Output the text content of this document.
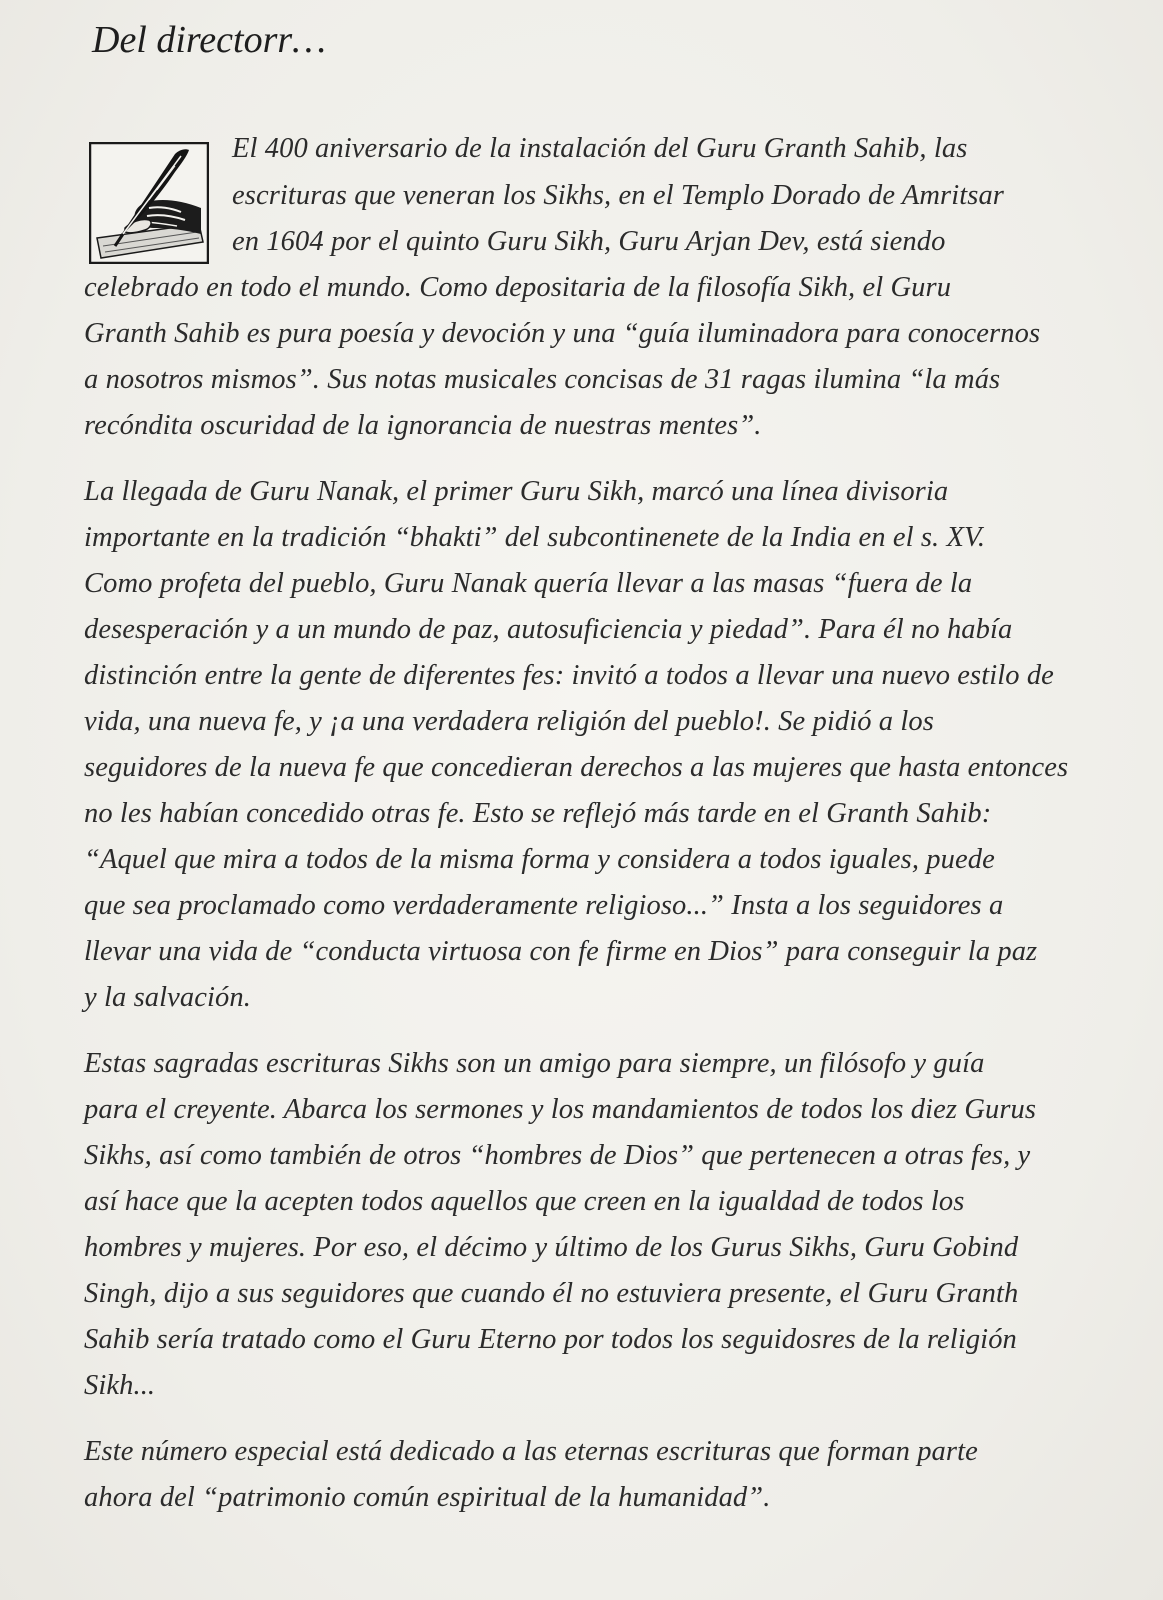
Del directorr…
El 400 aniversario de la instalación del Guru Granth Sahib, las
escrituras que veneran los Sikhs, en el Templo Dorado de Amritsar
en 1604 por el quinto Guru Sikh, Guru Arjan Dev, está siendo
celebrado en todo el mundo. Como depositaria de la filosofía Sikh, el Guru
Granth Sahib es pura poesía y devoción y una “guía iluminadora para conocernos
a nosotros mismos”. Sus notas musicales concisas de 31 ragas ilumina “la más
recóndita oscuridad de la ignorancia de nuestras mentes”.
La llegada de Guru Nanak, el primer Guru Sikh, marcó una línea divisoria
importante en la tradición “bhakti” del subcontinenete de la India en el s. XV.
Como profeta del pueblo, Guru Nanak quería llevar a las masas “fuera de la
desesperación y a un mundo de paz, autosuficiencia y piedad”. Para él no había
distinción entre la gente de diferentes fes: invitó a todos a llevar una nuevo estilo de
vida, una nueva fe, y ¡a una verdadera religión del pueblo!. Se pidió a los
seguidores de la nueva fe que concedieran derechos a las mujeres que hasta entonces
no les habían concedido otras fe. Esto se reflejó más tarde en el Granth Sahib:
“Aquel que mira a todos de la misma forma y considera a todos iguales, puede
que sea proclamado como verdaderamente religioso...” Insta a los seguidores a
llevar una vida de “conducta virtuosa con fe firme en Dios” para conseguir la paz
y la salvación.
Estas sagradas escrituras Sikhs son un amigo para siempre, un filósofo y guía
para el creyente. Abarca los sermones y los mandamientos de todos los diez Gurus
Sikhs, así como también de otros “hombres de Dios” que pertenecen a otras fes, y
así hace que la acepten todos aquellos que creen en la igualdad de todos los
hombres y mujeres. Por eso, el décimo y último de los Gurus Sikhs, Guru Gobind
Singh, dijo a sus seguidores que cuando él no estuviera presente, el Guru Granth
Sahib sería tratado como el Guru Eterno por todos los seguidosres de la religión
Sikh...
Este número especial está dedicado a las eternas escrituras que forman parte
ahora del “patrimonio común espiritual de la humanidad”.
